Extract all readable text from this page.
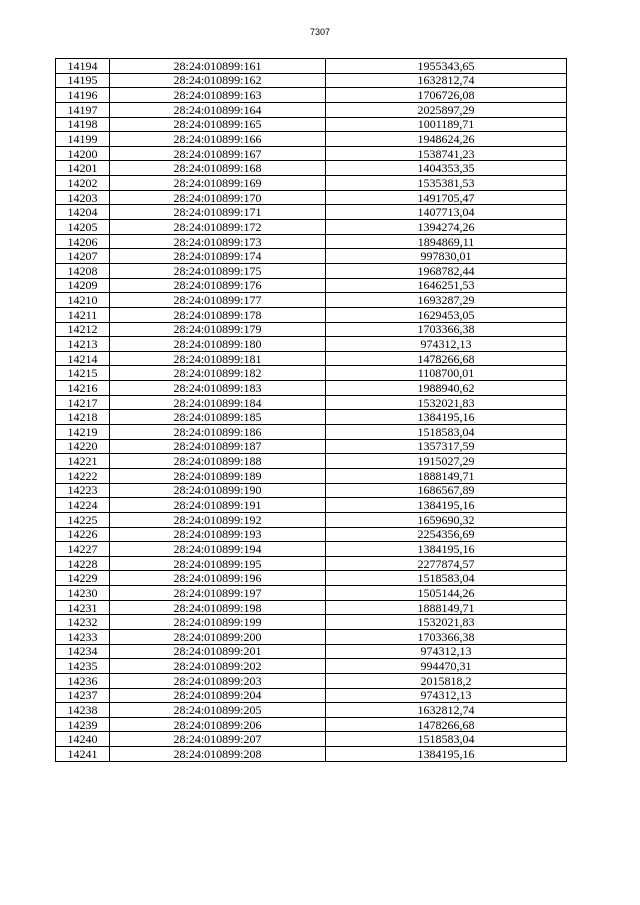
7307
14194	28:24:010899:161	1955343,65
14195	28:24:010899:162	1632812,74
14196	28:24:010899:163	1706726,08
14197	28:24:010899:164	2025897,29
14198	28:24:010899:165	1001189,71
14199	28:24:010899:166	1948624,26
14200	28:24:010899:167	1538741,23
14201	28:24:010899:168	1404353,35
14202	28:24:010899:169	1535381,53
14203	28:24:010899:170	1491705,47
14204	28:24:010899:171	1407713,04
14205	28:24:010899:172	1394274,26
14206	28:24:010899:173	1894869,11
14207	28:24:010899:174	997830,01
14208	28:24:010899:175	1968782,44
14209	28:24:010899:176	1646251,53
14210	28:24:010899:177	1693287,29
14211	28:24:010899:178	1629453,05
14212	28:24:010899:179	1703366,38
14213	28:24:010899:180	974312,13
14214	28:24:010899:181	1478266,68
14215	28:24:010899:182	1108700,01
14216	28:24:010899:183	1988940,62
14217	28:24:010899:184	1532021,83
14218	28:24:010899:185	1384195,16
14219	28:24:010899:186	1518583,04
14220	28:24:010899:187	1357317,59
14221	28:24:010899:188	1915027,29
14222	28:24:010899:189	1888149,71
14223	28:24:010899:190	1686567,89
14224	28:24:010899:191	1384195,16
14225	28:24:010899:192	1659690,32
14226	28:24:010899:193	2254356,69
14227	28:24:010899:194	1384195,16
14228	28:24:010899:195	2277874,57
14229	28:24:010899:196	1518583,04
14230	28:24:010899:197	1505144,26
14231	28:24:010899:198	1888149,71
14232	28:24:010899:199	1532021,83
14233	28:24:010899:200	1703366,38
14234	28:24:010899:201	974312,13
14235	28:24:010899:202	994470,31
14236	28:24:010899:203	2015818,2
14237	28:24:010899:204	974312,13
14238	28:24:010899:205	1632812,74
14239	28:24:010899:206	1478266,68
14240	28:24:010899:207	1518583,04
14241	28:24:010899:208	1384195,16
